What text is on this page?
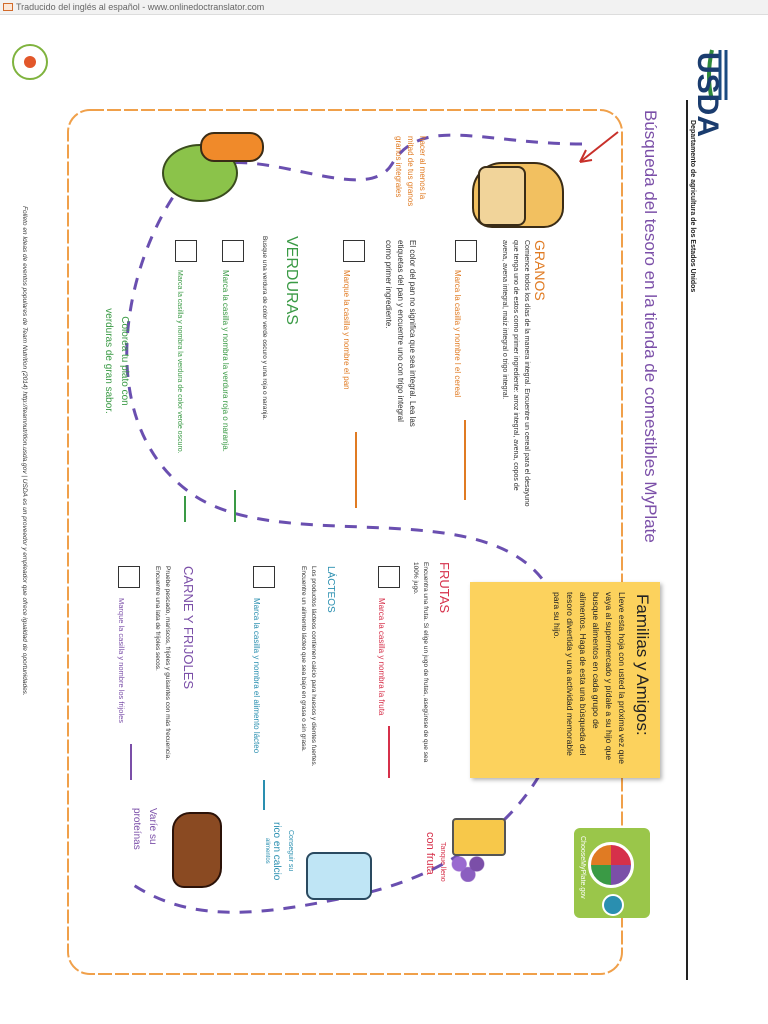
Traducido del inglés al español - www.onlinedoctranslator.com
USDA
Departamento de agricultura de los Estados Unidos
Búsqueda del tesoro en la tienda de comestibles MyPlate
GRANOS
Comience todos los días de la manera integral. Encuentre un cereal para el desayuno que tenga uno de estos como primer ingrediente: arroz integral, avena, copos de avena, avena integral, maíz integral o trigo integral.
Marca la casilla y nombre l el cereal
El color del pan no significa que sea integral. Lea las etiquetas del pan y encuentre uno con trigo integral como primer ingrediente.
Marque la casilla y nombre el pan
hacer al menos la mitad de tus granos granos integrales
VERDURAS
Busque una verdura de color verde oscuro y una roja o naranja.
Marca la casilla y nombra la verdura roja o naranja.
Marca la casilla y nombra la verdura de color verde oscuro.
Colorea tu plato con verduras de gran sabor.
Familias y Amigos:
Lleve esta hoja con usted la próxima vez que vaya al supermercado y pídale a su hijo que busque alimentos en cada grupo de alimentos. Haga de esta una búsqueda del tesoro divertida y una actividad memorable para su hijo.
ChooseMyPlate.gov
FRUTAS
Encuentra una fruta. Si elige un jugo de frutas, asegúrese de que sea 100% jugo.
Marca la casilla y nombra la fruta
Tanque lleno
con fruta
LÁCTEOS
Los productos lácteos contienen calcio para huesos y dientes fuertes. Encuentre un alimento lácteo que sea bajo en grasa o sin grasa.
Marca la casilla y nombra el alimento lácteo
Conseguir su
rico en calcio
alimentos
CARNE Y FRIJOLES
Pruebe pescado, mariscos, frijoles y guisantes con más frecuencia. Encuentre una lata de frijoles secos.
Marque la casilla y nombre los frijoles
Varíe su proteínas
Folleto en Ideas de eventos populares de Team Nutrition (2014) http://teamnutrition.usda.gov | USDA es un proveedor y empleador que ofrece igualdad de oportunidades.
